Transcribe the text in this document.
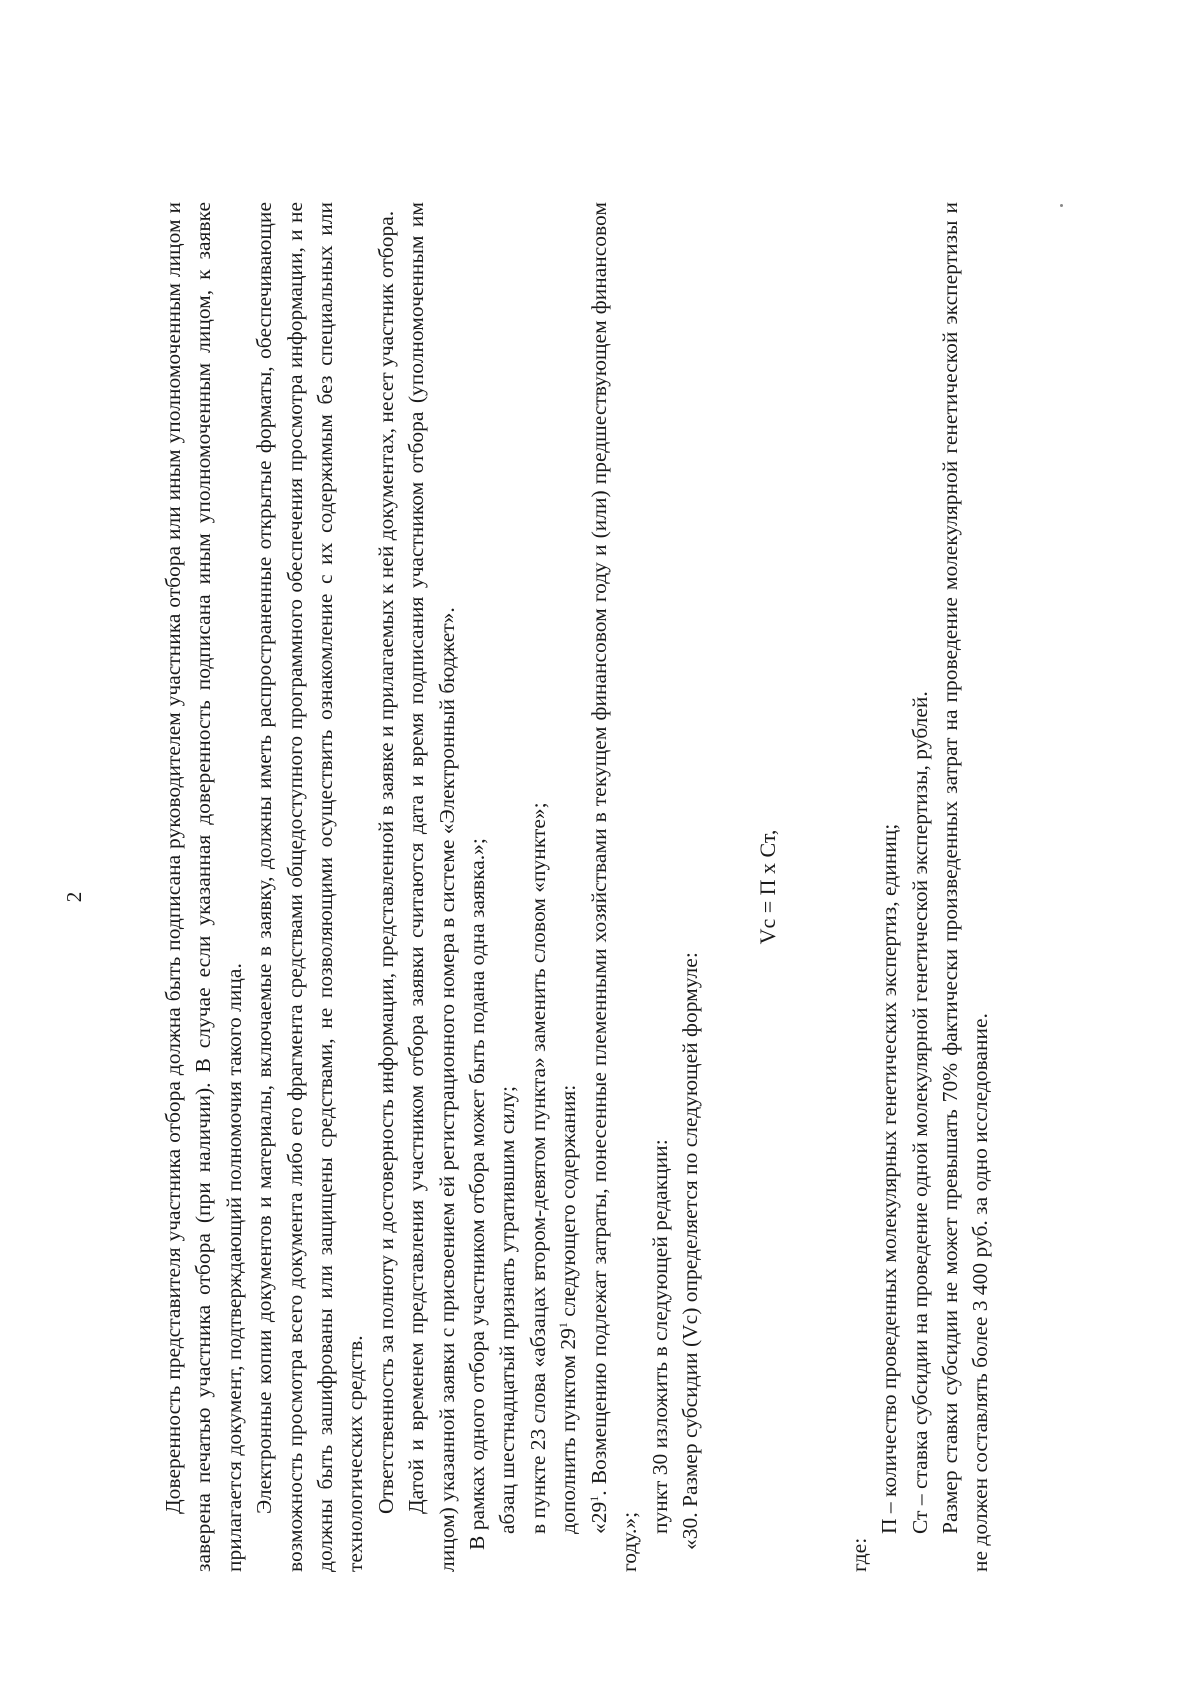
2	Доверенность представителя участника отбора должна быть подписана руководителем участника отбора или иным уполномоченным лицом и заверена печатью участника отбора (при наличии). В случае если указанная доверенность подписана иным уполномоченным лицом, к заявке прилагается документ, подтверждающий полномочия такого лица. Электронные копии документов и материалы, включаемые в заявку, должны иметь распространенные открытые форматы, обеспечивающие возможность просмотра всего документа либо его фрагмента средствами общедоступного программного обеспечения просмотра информации, и не должны быть зашифрованы или защищены средствами, не позволяющими осуществить ознакомление с их содержимым без специальных или технологических средств. Ответственность за полноту и достоверность информации, представленной в заявке и прилагаемых к ней документах, несет участник отбора. Датой и временем представления участником отбора заявки считаются дата и время подписания участником отбора (уполномоченным им лицом) указанной заявки с присвоением ей регистрационного номера в системе «Электронный бюджет». В рамках одного отбора участником отбора может быть подана одна заявка.»; абзац шестнадцатый признать утратившим силу; в пункте 23 слова «абзацах втором-девятом пункта» заменить словом «пункте»; дополнить пунктом $29^1$ следующего содержания:

«$29^1$. Возмещению подлежат затраты, понесенные племенными хозяйствами в текущем финансовом году и (или) предшествующем финансовом году.»;

пункт 30 изложить в следующей редакции: «30. Размер субсидии (Vc) определяется по следующей формуле:

Vc = П x Ст,

где:

П – количество проведенных молекулярных генетических экспертиз, единиц; Ст – ставка субсидии на проведение одной молекулярной генетической экспертизы, рублей. Размер ставки субсидии не может превышать 70% фактически произведенных затрат на проведение молекулярной генетической экспертизы и не должен составлять более 3 400 руб. за одно исследование.
